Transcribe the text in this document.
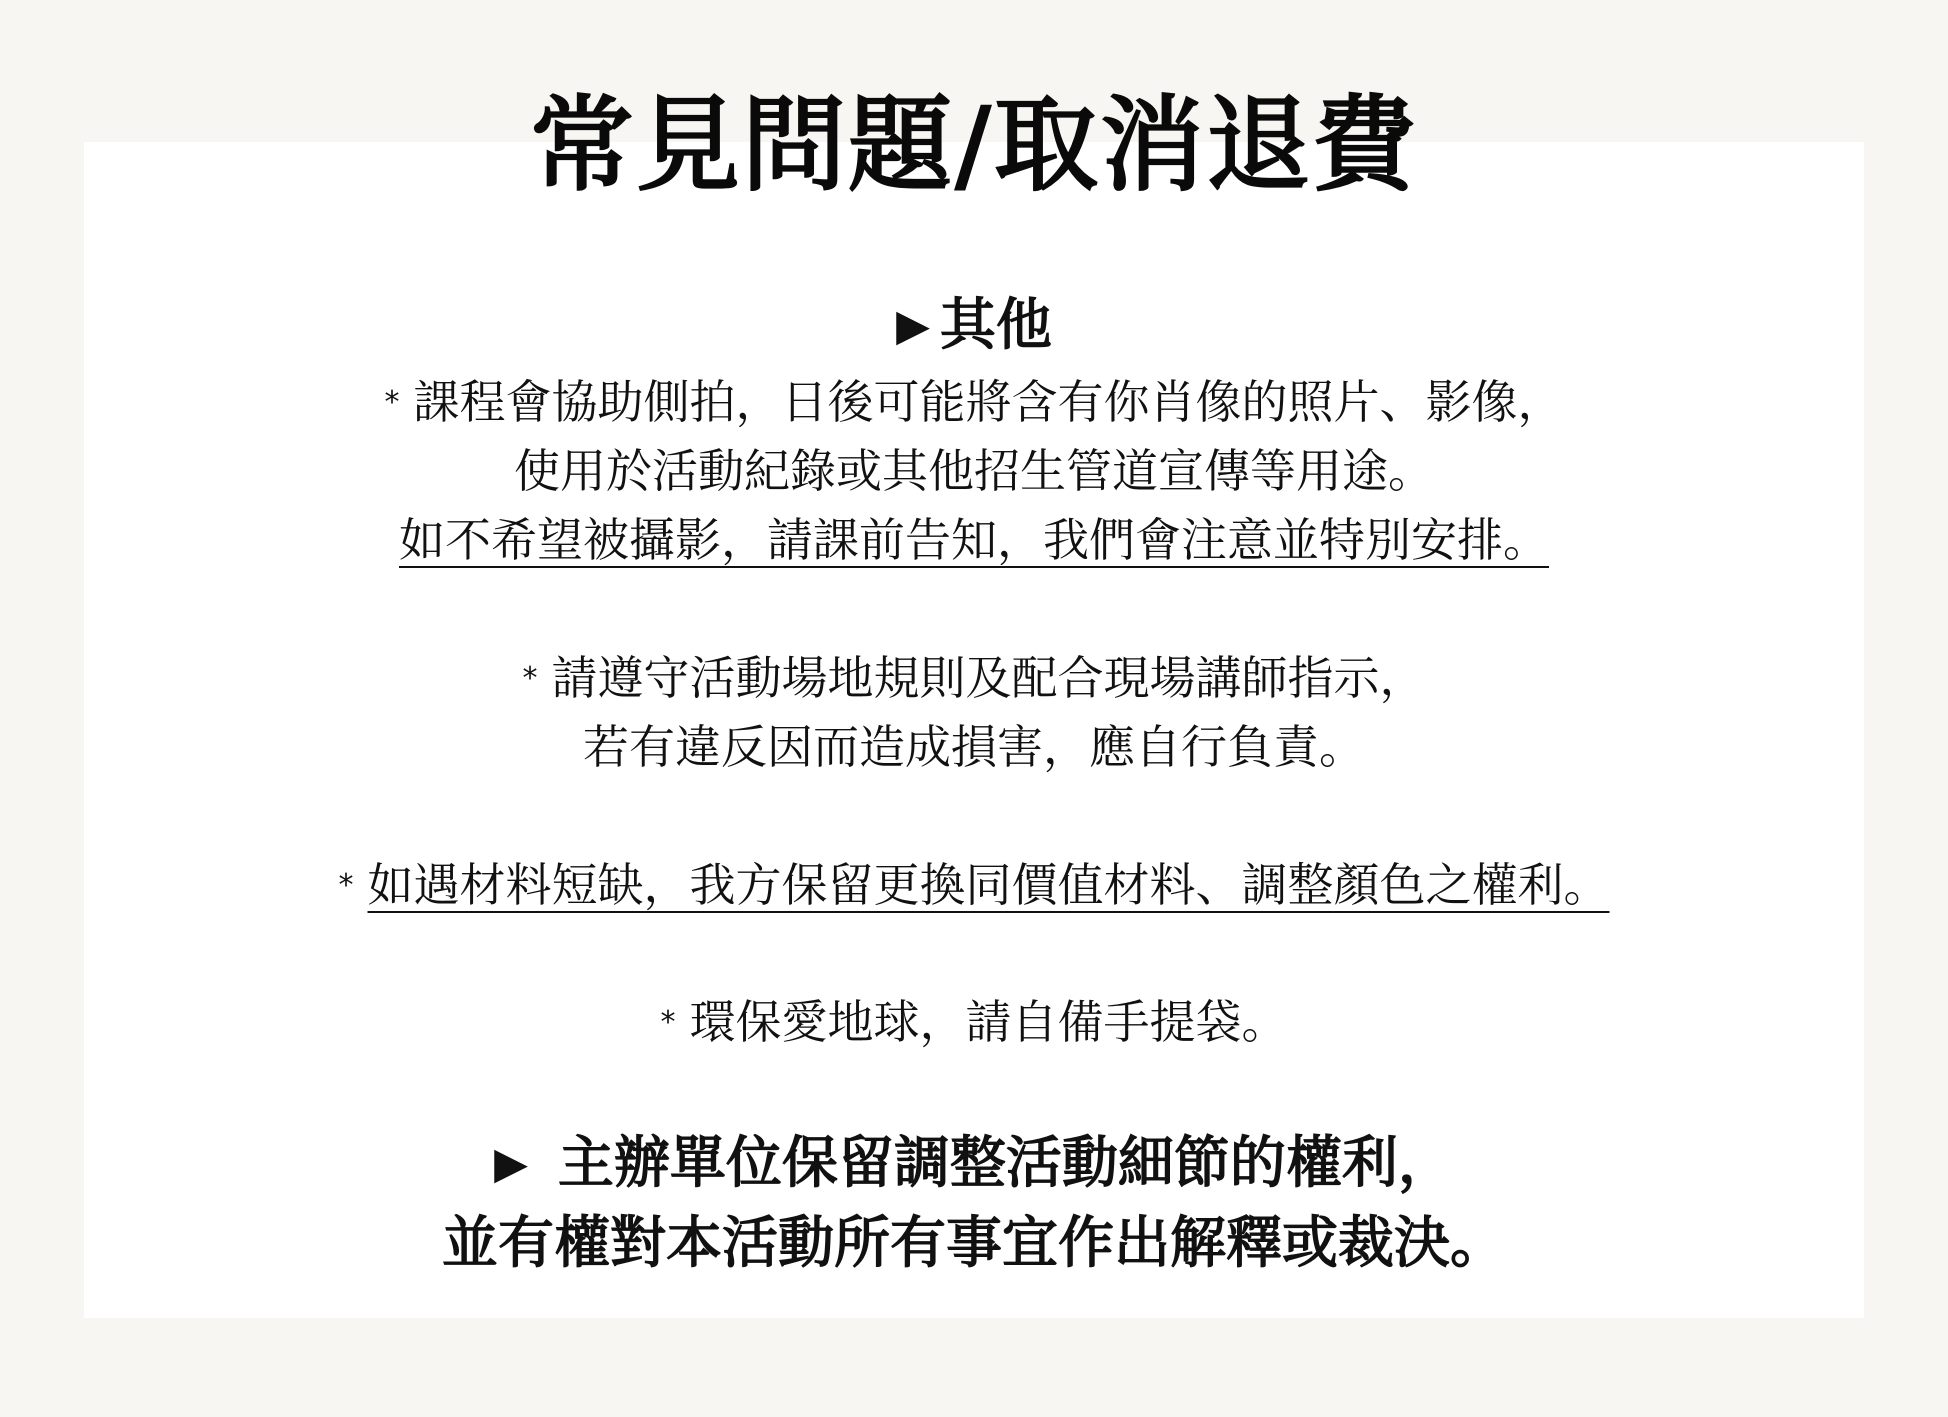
常見問題/取消退費
▶ 其他
* 課程會協助側拍，日後可能將含有你肖像的照片、影像，
使用於活動紀錄或其他招生管道宣傳等用途。
如不希望被攝影，請課前告知，我們會注意並特別安排。
* 請遵守活動場地規則及配合現場講師指示，
若有違反因而造成損害，應自行負責。
* 如遇材料短缺，我方保留更換同價值材料、調整顏色之權利。
* 環保愛地球，請自備手提袋。
▶ 主辦單位保留調整活動細節的權利，
並有權對本活動所有事宜作出解釋或裁決。
